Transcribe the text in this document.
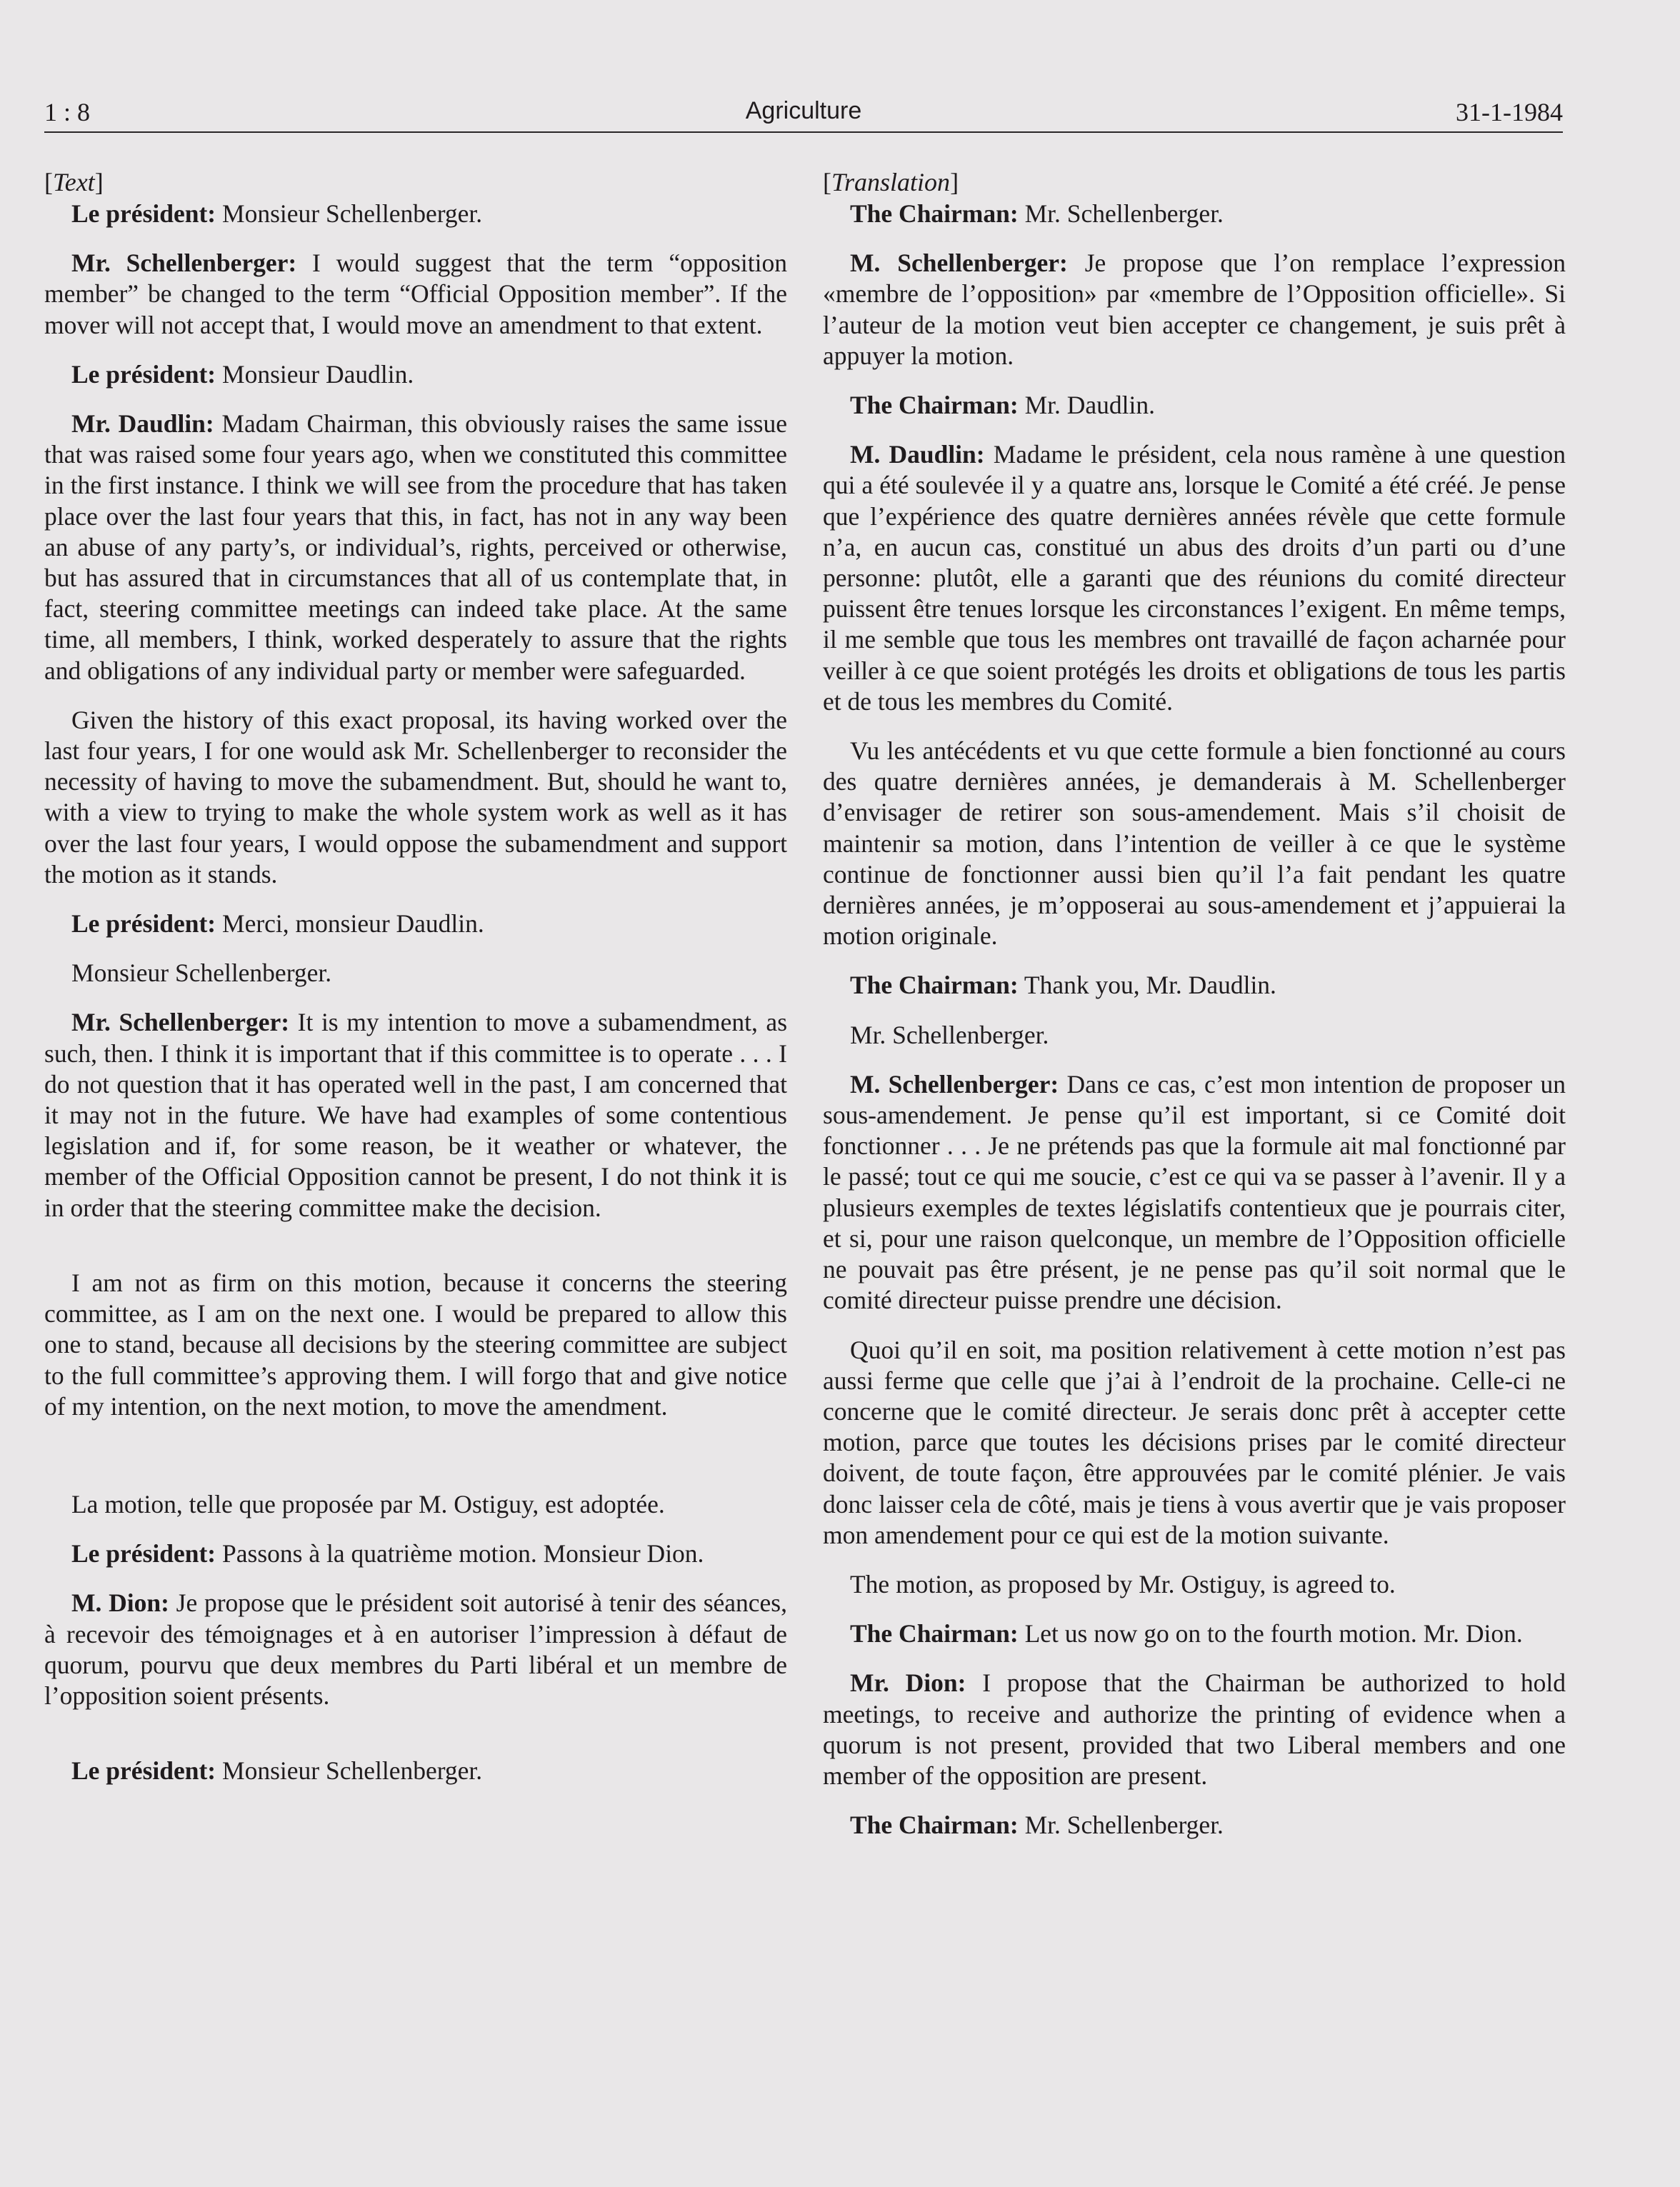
1 : 8	Agriculture	31-1-1984
[Text]

Le président: Monsieur Schellenberger.

Mr. Schellenberger: I would suggest that the term “opposition member” be changed to the term “Official Opposition member”. If the mover will not accept that, I would move an amendment to that extent.

Le président: Monsieur Daudlin.

Mr. Daudlin: Madam Chairman, this obviously raises the same issue that was raised some four years ago, when we constituted this committee in the first instance. I think we will see from the procedure that has taken place over the last four years that this, in fact, has not in any way been an abuse of any party’s, or individual’s, rights, perceived or otherwise, but has assured that in circumstances that all of us contemplate that, in fact, steering committee meetings can indeed take place. At the same time, all members, I think, worked desperately to assure that the rights and obligations of any individual party or member were safeguarded.

Given the history of this exact proposal, its having worked over the last four years, I for one would ask Mr. Schellenberger to reconsider the necessity of having to move the subamendment. But, should he want to, with a view to trying to make the whole system work as well as it has over the last four years, I would oppose the subamendment and support the motion as it stands.

Le président: Merci, monsieur Daudlin.

Monsieur Schellenberger.

Mr. Schellenberger: It is my intention to move a subamendment, as such, then. I think it is important that if this committee is to operate . . . I do not question that it has operated well in the past, I am concerned that it may not in the future. We have had examples of some contentious legislation and if, for some reason, be it weather or whatever, the member of the Official Opposition cannot be present, I do not think it is in order that the steering committee make the decision.

I am not as firm on this motion, because it concerns the steering committee, as I am on the next one. I would be prepared to allow this one to stand, because all decisions by the steering committee are subject to the full committee’s approving them. I will forgo that and give notice of my intention, on the next motion, to move the amendment.

La motion, telle que proposée par M. Ostiguy, est adoptée.

Le président: Passons à la quatrième motion. Monsieur Dion.

M. Dion: Je propose que le président soit autorisé à tenir des séances, à recevoir des témoignages et à en autoriser l’impression à défaut de quorum, pourvu que deux membres du Parti libéral et un membre de l’opposition soient présents.

Le président: Monsieur Schellenberger.

[Translation]

The Chairman: Mr. Schellenberger.

M. Schellenberger: Je propose que l’on remplace l’expression «membre de l’opposition» par «membre de l’Opposition officielle». Si l’auteur de la motion veut bien accepter ce changement, je suis prêt à appuyer la motion.

The Chairman: Mr. Daudlin.

M. Daudlin: Madame le président, cela nous ramène à une question qui a été soulevée il y a quatre ans, lorsque le Comité a été créé. Je pense que l’expérience des quatre dernières années révèle que cette formule n’a, en aucun cas, constitué un abus des droits d’un parti ou d’une personne: plutôt, elle a garanti que des réunions du comité directeur puissent être tenues lorsque les circonstances l’exigent. En même temps, il me semble que tous les membres ont travaillé de façon acharnée pour veiller à ce que soient protégés les droits et obligations de tous les partis et de tous les membres du Comité.

Vu les antécédents et vu que cette formule a bien fonctionné au cours des quatre dernières années, je demanderais à M. Schellenberger d’envisager de retirer son sous-amendement. Mais s’il choisit de maintenir sa motion, dans l’intention de veiller à ce que le système continue de fonctionner aussi bien qu’il l’a fait pendant les quatre dernières années, je m’opposerai au sous-amendement et j’appuierai la motion originale.

The Chairman: Thank you, Mr. Daudlin.

Mr. Schellenberger.

M. Schellenberger: Dans ce cas, c’est mon intention de proposer un sous-amendement. Je pense qu’il est important, si ce Comité doit fonctionner . . . Je ne prétends pas que la formule ait mal fonctionné par le passé; tout ce qui me soucie, c’est ce qui va se passer à l’avenir. Il y a plusieurs exemples de textes législatifs contentieux que je pourrais citer, et si, pour une raison quelconque, un membre de l’Opposition officielle ne pouvait pas être présent, je ne pense pas qu’il soit normal que le comité directeur puisse prendre une décision.

Quoi qu’il en soit, ma position relativement à cette motion n’est pas aussi ferme que celle que j’ai à l’endroit de la prochaine. Celle-ci ne concerne que le comité directeur. Je serais donc prêt à accepter cette motion, parce que toutes les décisions prises par le comité directeur doivent, de toute façon, être approuvées par le comité plénier. Je vais donc laisser cela de côté, mais je tiens à vous avertir que je vais proposer mon amendement pour ce qui est de la motion suivante.

The motion, as proposed by Mr. Ostiguy, is agreed to.

The Chairman: Let us now go on to the fourth motion. Mr. Dion.

Mr. Dion: I propose that the Chairman be authorized to hold meetings, to receive and authorize the printing of evidence when a quorum is not present, provided that two Liberal members and one member of the opposition are present.

The Chairman: Mr. Schellenberger.
